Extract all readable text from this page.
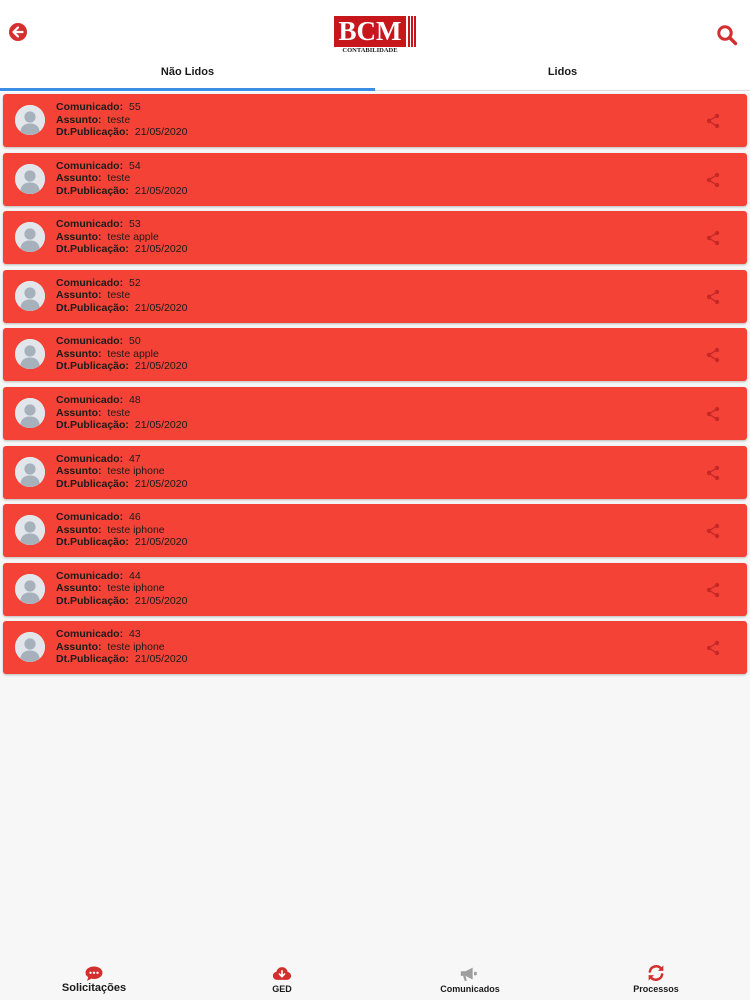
BCM
CONTABILIDADE
Não Lidos	Lidos
Comunicado: 55
Assunto: teste
Dt.Publicação: 21/05/2020
Comunicado: 54
Assunto: teste
Dt.Publicação: 21/05/2020
Comunicado: 53
Assunto: teste apple
Dt.Publicação: 21/05/2020
Comunicado: 52
Assunto: teste
Dt.Publicação: 21/05/2020
Comunicado: 50
Assunto: teste apple
Dt.Publicação: 21/05/2020
Comunicado: 48
Assunto: teste
Dt.Publicação: 21/05/2020
Comunicado: 47
Assunto: teste iphone
Dt.Publicação: 21/05/2020
Comunicado: 46
Assunto: teste iphone
Dt.Publicação: 21/05/2020
Comunicado: 44
Assunto: teste iphone
Dt.Publicação: 21/05/2020
Comunicado: 43
Assunto: teste iphone
Dt.Publicação: 21/05/2020
Solicitações	GED	Comunicados	Processos
